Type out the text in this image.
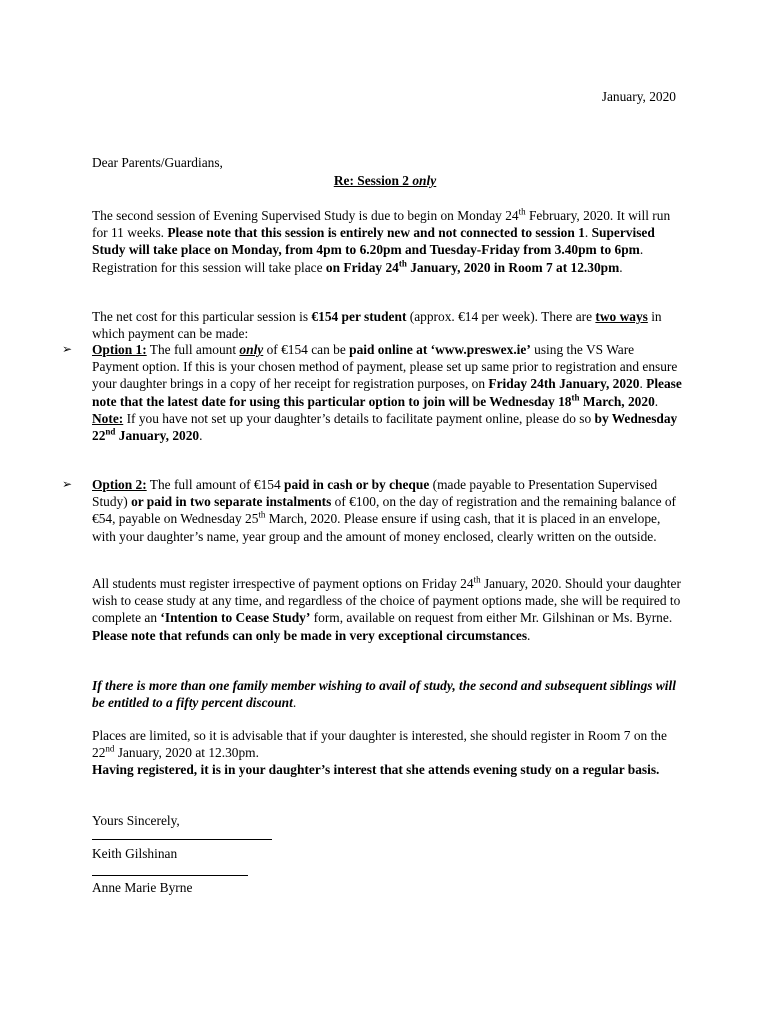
January, 2020
Dear Parents/Guardians,
Re: Session 2 only

The second session of Evening Supervised Study is due to begin on Monday 24th February, 2020. It will run for 11 weeks. Please note that this session is entirely new and not connected to session 1. Supervised Study will take place on Monday, from 4pm to 6.20pm and Tuesday-Friday from 3.40pm to 6pm. Registration for this session will take place on Friday 24th January, 2020 in Room 7 at 12.30pm.

The net cost for this particular session is €154 per student (approx. €14 per week). There are two ways in which payment can be made:

➢ Option 1: The full amount only of €154 can be paid online at ‘www.preswex.ie’ using the VS Ware Payment option. If this is your chosen method of payment, please set up same prior to registration and ensure your daughter brings in a copy of her receipt for registration purposes, on Friday 24th January, 2020. Please note that the latest date for using this particular option to join will be Wednesday 18th March, 2020.
Note: If you have not set up your daughter’s details to facilitate payment online, please do so by Wednesday 22nd January, 2020.
➢ Option 2: The full amount of €154 paid in cash or by cheque (made payable to Presentation Supervised Study) or paid in two separate instalments of €100, on the day of registration and the remaining balance of €54, payable on Wednesday 25th March, 2020. Please ensure if using cash, that it is placed in an envelope, with your daughter’s name, year group and the amount of money enclosed, clearly written on the outside.

All students must register irrespective of payment options on Friday 24th January, 2020. Should your daughter wish to cease study at any time, and regardless of the choice of payment options made, she will be required to complete an ‘Intention to Cease Study’ form, available on request from either Mr. Gilshinan or Ms. Byrne. Please note that refunds can only be made in very exceptional circumstances.

If there is more than one family member wishing to avail of study, the second and subsequent siblings will be entitled to a fifty percent discount.

Places are limited, so it is advisable that if your daughter is interested, she should register in Room 7 on the 22nd January, 2020 at 12.30pm.
Having registered, it is in your daughter’s interest that she attends evening study on a regular basis.

Yours Sincerely,
Keith Gilshinan
Anne Marie Byrne
